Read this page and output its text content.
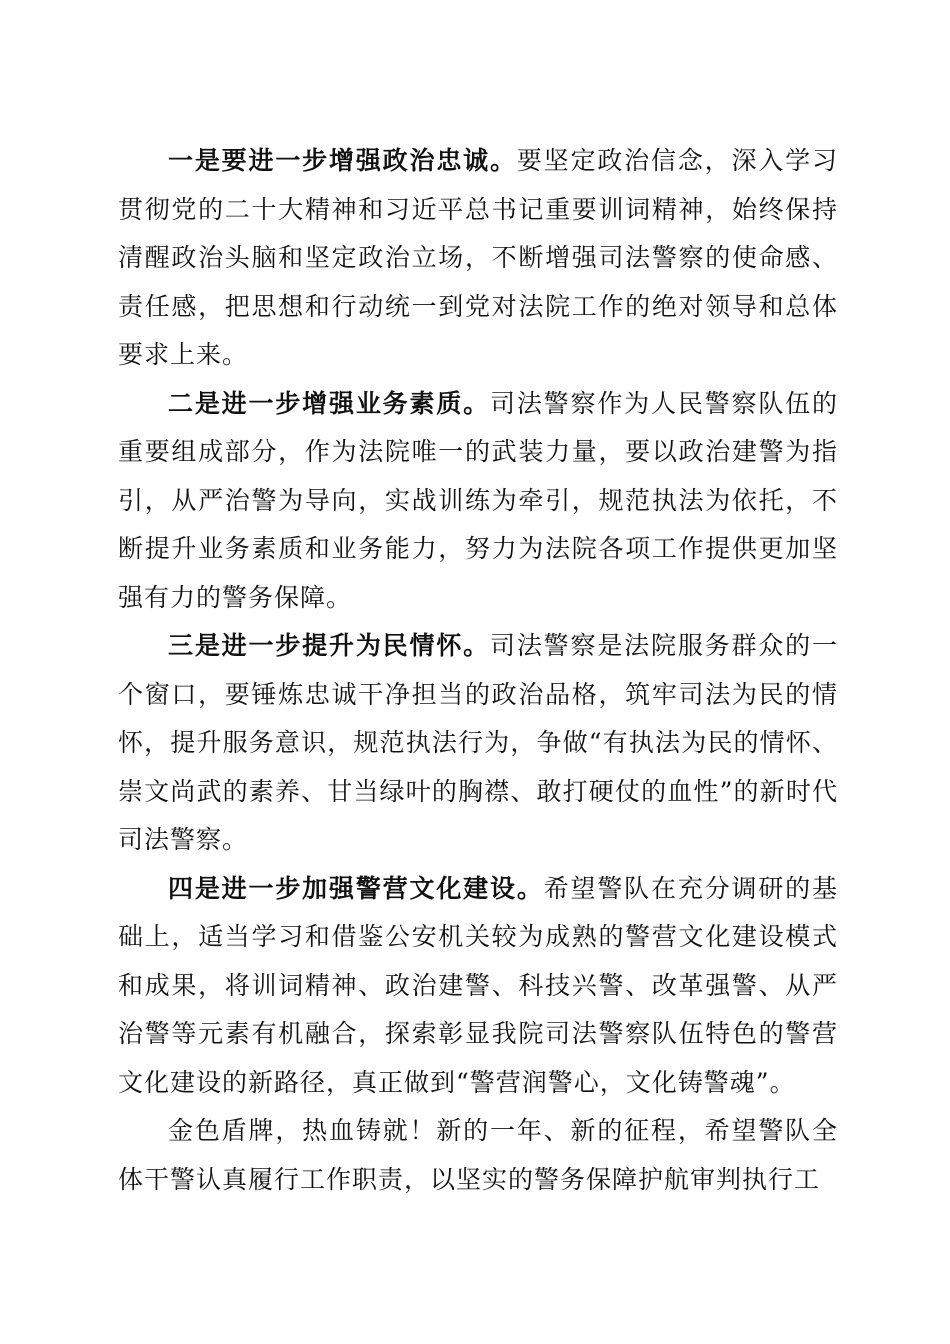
一是要进一步增强政治忠诚。要坚定政治信念，深入学习贯彻党的二十大精神和习近平总书记重要训词精神，始终保持清醒政治头脑和坚定政治立场，不断增强司法警察的使命感、责任感，把思想和行动统一到党对法院工作的绝对领导和总体要求上来。

二是进一步增强业务素质。司法警察作为人民警察队伍的重要组成部分，作为法院唯一的武装力量，要以政治建警为指引，从严治警为导向，实战训练为牵引，规范执法为依托，不断提升业务素质和业务能力，努力为法院各项工作提供更加坚强有力的警务保障。

三是进一步提升为民情怀。司法警察是法院服务群众的一个窗口，要锤炼忠诚干净担当的政治品格，筑牢司法为民的情怀，提升服务意识，规范执法行为，争做“有执法为民的情怀、崇文尚武的素养、甘当绿叶的胸襟、敢打硬仗的血性”的新时代司法警察。

四是进一步加强警营文化建设。希望警队在充分调研的基础上，适当学习和借鉴公安机关较为成熟的警营文化建设模式和成果，将训词精神、政治建警、科技兴警、改革强警、从严治警等元素有机融合，探索彰显我院司法警察队伍特色的警营文化建设的新路径，真正做到“警营润警心，文化铸警魂”。

金色盾牌，热血铸就！新的一年、新的征程，希望警队全体干警认真履行工作职责，以坚实的警务保障护航审判执行工
